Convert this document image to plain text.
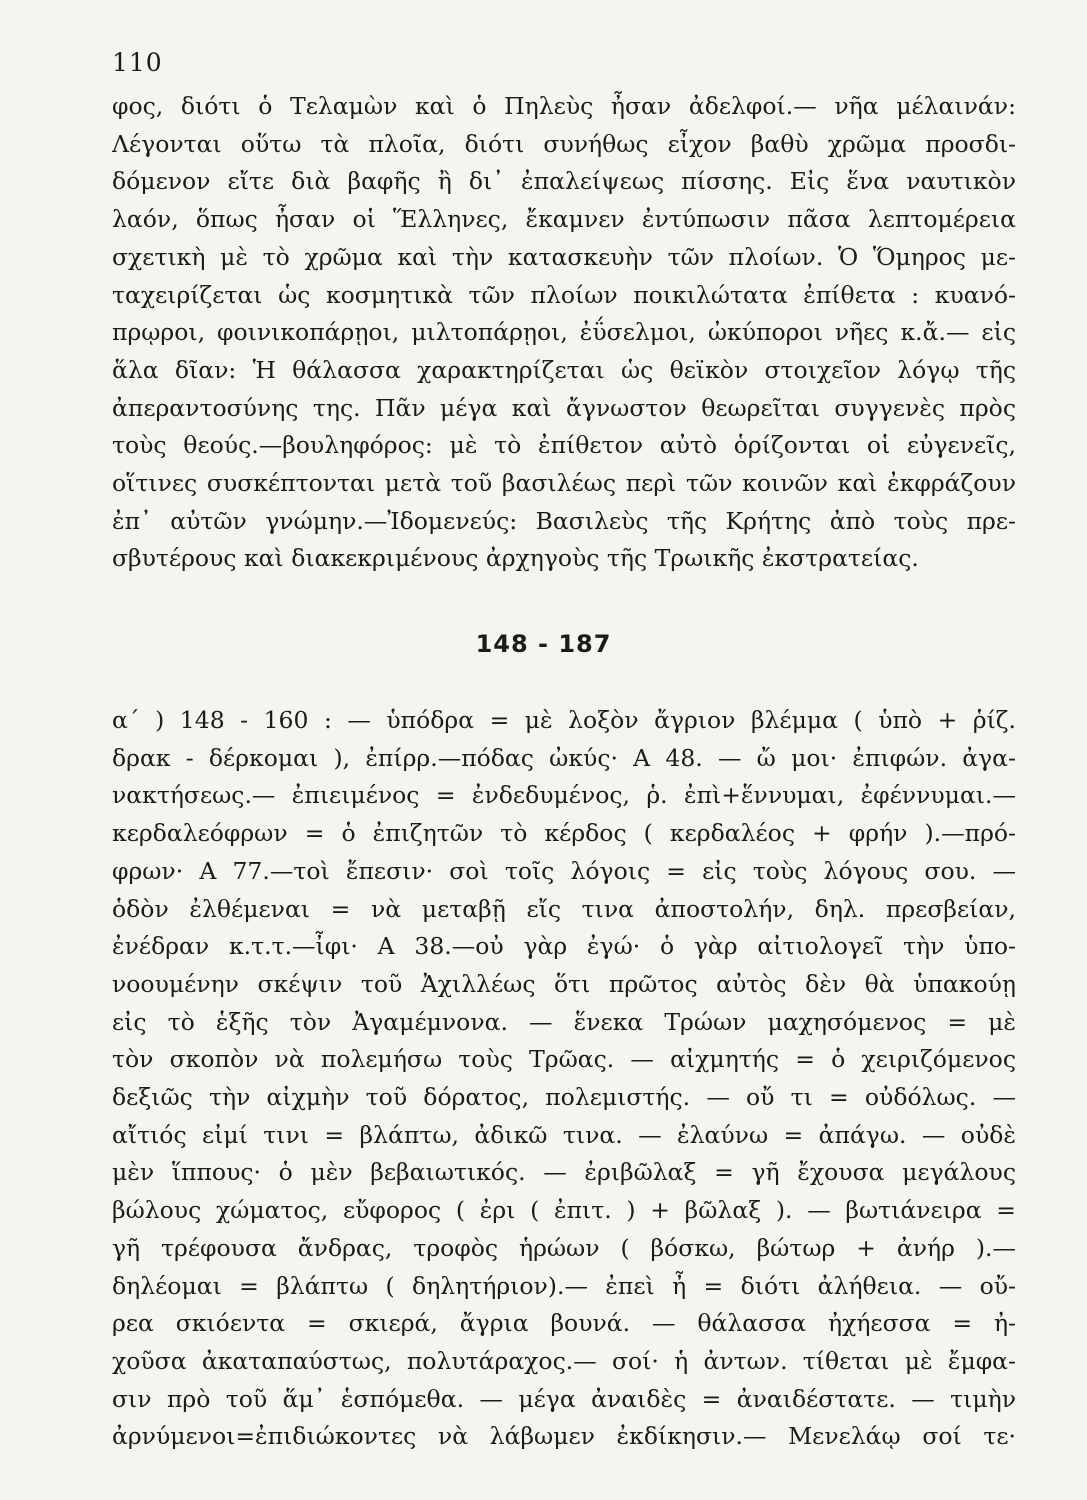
110
φος, διότι ὁ Τελαμὼν καὶ ὁ Πηλεὺς ἦσαν ἀδελφοί.— νῆα μέλαινάν:
Λέγονται οὕτω τὰ πλοῖα, διότι συνήθως εἶχον βαθὺ χρῶμα προσδι-
δόμενον εἴτε διὰ βαφῆς ἢ δι᾿ ἐπαλείψεως πίσσης. Εἰς ἕνα ναυτικὸν
λαόν, ὅπως ἦσαν οἱ Ἕλληνες, ἔκαμνεν ἐντύπωσιν πᾶσα λεπτομέρεια
σχετικὴ μὲ τὸ χρῶμα καὶ τὴν κατασκευὴν τῶν πλοίων. Ὁ Ὅμηρος με-
ταχειρίζεται ὡς κοσμητικὰ τῶν πλοίων ποικιλώτατα ἐπίθετα : κυανό-
πρῳροι, φοινικοπάρῃοι, μιλτοπάρῃοι, ἐΰσελμοι, ὠκύποροι νῆες κ.ἄ.— εἰς
ἅλα δῖαν: Ἡ θάλασσα χαρακτηρίζεται ὡς θεϊκὸν στοιχεῖον λόγῳ τῆς
ἀπεραντοσύνης της. Πᾶν μέγα καὶ ἄγνωστον θεωρεῖται συγγενὲς πρὸς
τοὺς θεούς.—βουληφόρος: μὲ τὸ ἐπίθετον αὐτὸ ὁρίζονται οἱ εὐγενεῖς,
οἵτινες συσκέπτονται μετὰ τοῦ βασιλέως περὶ τῶν κοινῶν καὶ ἐκφράζουν
ἐπ᾿ αὐτῶν γνώμην.—Ἰδομενεύς: Βασιλεὺς τῆς Κρήτης ἀπὸ τοὺς πρε-
σβυτέρους καὶ διακεκριμένους ἀρχηγοὺς τῆς Τρωικῆς ἐκστρατείας.
148 - 187
α´ ) 148 - 160 : — ὑπόδρα = μὲ λοξὸν ἄγριον βλέμμα ( ὑπὸ + ῥίζ.
δρακ - δέρκομαι ), ἐπίρρ.—πόδας ὠκύς· Α 48. — ὤ μοι· ἐπιφών. ἀγα-
νακτήσεως.— ἐπιειμένος = ἐνδεδυμένος, ῥ. ἐπὶ+ἕννυμαι, ἐφέννυμαι.—
κερδαλεόφρων = ὁ ἐπιζητῶν τὸ κέρδος ( κερδαλέος + φρήν ).—πρό-
φρων· Α 77.—τοὶ ἔπεσιν· σοὶ τοῖς λόγοις = εἰς τοὺς λόγους σου. —
ὁδὸν ἐλθέμεναι = νὰ μεταβῇ εἴς τινα ἀποστολήν, δηλ. πρεσβείαν,
ἐνέδραν κ.τ.τ.—ἶφι· Α 38.—οὐ γὰρ ἐγώ· ὁ γὰρ αἰτιολογεῖ τὴν ὑπο-
νοουμένην σκέψιν τοῦ Ἀχιλλέως ὅτι πρῶτος αὐτὸς δὲν θὰ ὑπακούῃ
εἰς τὸ ἑξῆς τὸν Ἀγαμέμνονα. — ἕνεκα Τρώων μαχησόμενος = μὲ
τὸν σκοπὸν νὰ πολεμήσω τοὺς Τρῶας. — αἰχμητής = ὁ χειριζόμενος
δεξιῶς τὴν αἰχμὴν τοῦ δόρατος, πολεμιστής. — οὔ τι = οὐδόλως. —
αἴτιός εἰμί τινι = βλάπτω, ἀδικῶ τινα. — ἐλαύνω = ἀπάγω. — οὐδὲ
μὲν ἵππους· ὁ μὲν βεβαιωτικός. — ἐριβῶλαξ = γῆ ἔχουσα μεγάλους
βώλους χώματος, εὔφορος ( ἐρι ( ἐπιτ. ) + βῶλαξ ). — βωτιάνειρα =
γῆ τρέφουσα ἄνδρας, τροφὸς ἡρώων ( βόσκω, βώτωρ + ἀνήρ ).—
δηλέομαι = βλάπτω ( δηλητήριον).— ἐπεὶ ἦ = διότι ἀλήθεια. — οὔ-
ρεα σκιόεντα = σκιερά, ἄγρια βουνά. — θάλασσα ἠχήεσσα = ἠ-
χοῦσα ἀκαταπαύστως, πολυτάραχος.— σοί· ἡ ἀντων. τίθεται μὲ ἔμφα-
σιν πρὸ τοῦ ἅμ᾿ ἑσπόμεθα. — μέγα ἀναιδὲς = ἀναιδέστατε. — τιμὴν
ἀρνύμενοι=ἐπιδιώκοντες νὰ λάβωμεν ἐκδίκησιν.— Μενελάῳ σοί τε·
